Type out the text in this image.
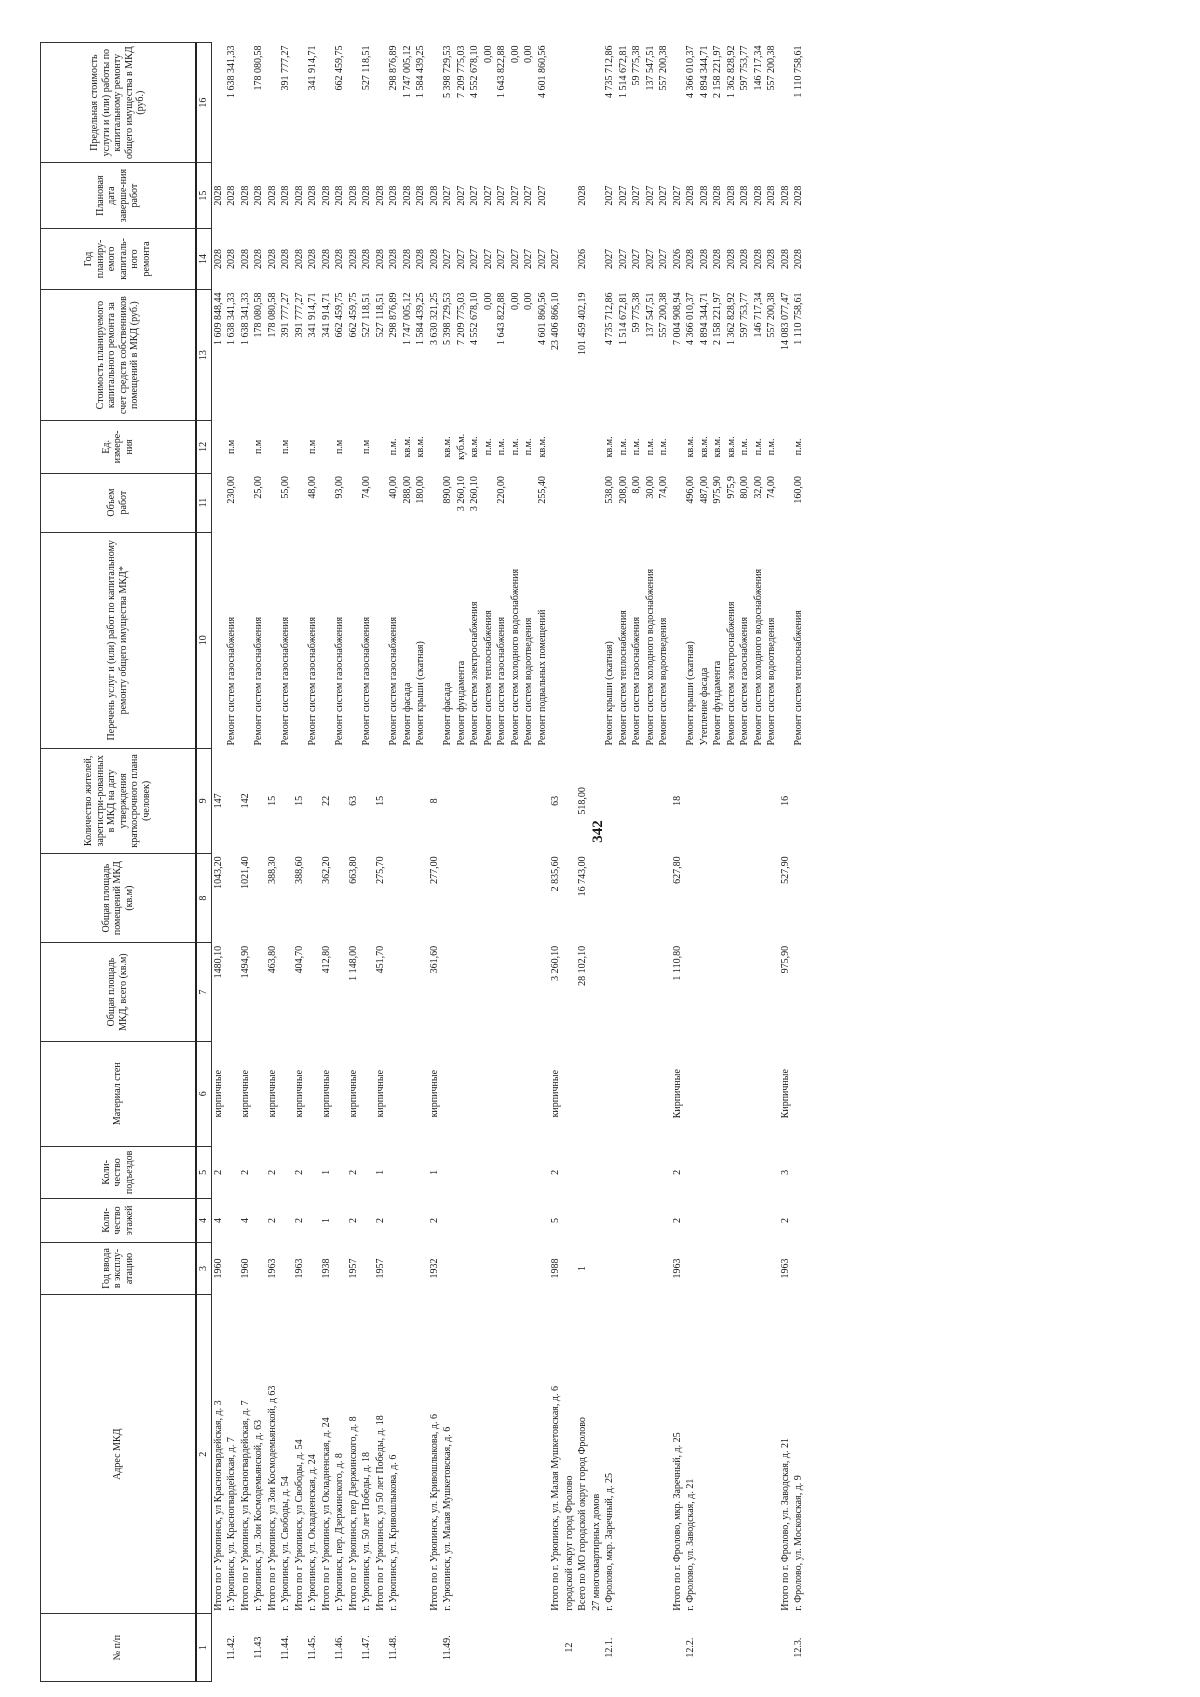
342
№ п/п	Адрес МКД	Год ввода в эксплу-атацию	Коли-чество этажей	Коли-чество подъездов	Материал стен	Общая площадь МКД, всего (кв.м)	Общая площадь помещений МКД (кв.м)	Количество жителей, зарегистри-рованных в МКД на дату утверждения краткосрочного плана (человек)	Перечень услуг и (или) работ по капитальному ремонту общего имущества МКД*	Объем работ	Ед. измере-ния	Стоимость планируемого капитального ремонта за счет средств собственников помещений в МКД (руб.)	Год планиру-емого капиталь-ного ремонта	Плановая дата заверше-ния работ	Предельная стоимость услуги и (или) работы по капитальному ремонту общего имущества в МКД (руб.)
1	2	3	4	5	6	7	8	9	10	11	12	13	14	15	16
	Итого по г Урюпинск, ул Красногвардейская, д. 3	1960	4	2	кирпичные	1480,10	1043,20	147				1 609 848,44	2028	2028	
11.42.	г. Урюпинск, ул. Красногвардейская, д. 7								Ремонт систем газоснабжения	230,00	п.м	1 638 341,33	2028	2028	1 638 341,33
	Итого по г Урюпинск, ул Красногвардейская, д. 7	1960	4	2	кирпичные	1494,90	1021,40	142				1 638 341,33	2028	2028	
11.43	г. Урюпинск, ул. Зои Космодемьянской, д. 63								Ремонт систем газоснабжения	25,00	п.м	178 080,58	2028	2028	178 080,58
	Итого по г Урюпинск, ул Зои Космодемьянской, д 63	1963	2	2	кирпичные	463,80	388,30	15				178 080,58	2028	2028	
11.44.	г. Урюпинск, ул. Свободы, д. 54								Ремонт систем газоснабжения	55,00	п.м	391 777,27	2028	2028	391 777,27
	Итого по г Урюпинск, ул Свободы, д. 54	1963	2	2	кирпичные	404,70	388,60	15				391 777,27	2028	2028	
11.45.	г. Урюпинск, ул. Окладненская, д. 24								Ремонт систем газоснабжения	48,00	п.м	341 914,71	2028	2028	341 914,71
	Итого по г Урюпинск, ул Окладненская, д. 24	1938	1	1	кирпичные	412,80	362,20	22				341 914,71	2028	2028	
11.46.	г. Урюпинск, пер. Дзержинского, д. 8								Ремонт систем газоснабжения	93,00	п.м	662 459,75	2028	2028	662 459,75
	Итого по г Урюпинск, пер Дзержинского, д. 8	1957	2	2	кирпичные	1 148,00	663,80	63				662 459,75	2028	2028	
11.47.	г. Урюпинск, ул. 50 лет Победы, д. 18								Ремонт систем газоснабжения	74,00	п.м	527 118,51	2028	2028	527 118,51
	Итого по г Урюпинск, ул 50 лет Победы, д. 18	1957	2	1	кирпичные	451,70	275,70	15				527 118,51	2028	2028	
11.48.	г. Урюпинск, ул. Кривошлыкова, д. 6								Ремонт систем газоснабжения	40,00	п.м.	298 876,89	2028	2028	298 876,89
									Ремонт фасада	288,00	кв.м.	1 747 005,12	2028	2028	1 747 005,12
									Ремонт крыши (скатная)	180,00	кв.м.	1 584 439,25	2028	2028	1 584 439,25
	Итого по г. Урюпинск, ул. Кривошлыкова, д. 6	1932	2	1	кирпичные	361,60	277,00	8				3 630 321,25	2028	2028	
11.49.	г. Урюпинск, ул. Малая Мушкетовская, д. 6								Ремонт фасада	890,00	кв.м.	5 398 729,53	2027	2027	5 398 729,53
									Ремонт фундамента	3 260,10	куб.м.	7 209 775,03	2027	2027	7 209 775,03
									Ремонт систем электроснабжения	3 260,10	кв.м.	4 552 678,10	2027	2027	4 552 678,10
									Ремонт систем теплоснабжения		п.м.	0,00	2027	2027	0,00
									Ремонт систем газоснабжения	220,00	п.м.	1 643 822,88	2027	2027	1 643 822,88
									Ремонт систем холодного водоснабжения		п.м.	0,00	2027	2027	0,00
									Ремонт систем водоотведения		п.м.	0,00	2027	2027	0,00
									Ремонт подвальных помещений	255,40	кв.м.	4 601 860,56	2027	2027	4 601 860,56
	Итого по г. Урюпинск, ул. Малая Мушкетовская, д. 6	1988	5	2	кирпичные	3 260,10	2 835,60	63				23 406 866,10	2027		
12	городской округ город Фролово														
	Всего по МО городской округ город Фролово	1				28 102,10	16 743,00	518,00				101 459 402,19	2026	2028	
	27 многоквартирных домов														
12.1.	г. Фролово, мкр. Заречный, д. 25								Ремонт крыши (скатная)	538,00	кв.м.	4 735 712,86	2027	2027	4 735 712,86
									Ремонт систем теплоснабжения	208,00	п.м.	1 514 672,81	2027	2027	1 514 672,81
									Ремонт систем газоснабжения	8,00	п.м.	59 775,38	2027	2027	59 775,38
									Ремонт систем холодного водоснабжения	30,00	п.м.	137 547,51	2027	2027	137 547,51
									Ремонт систем водоотведения	74,00	п.м.	557 200,38	2027	2027	557 200,38
	Итого по г. Фролово, мкр. Заречный, д. 25	1963	2	2	Кирпичные	1 110,80	627,80	18				7 004 908,94	2026	2027	
12.2.	г. Фролово, ул. Заводская, д. 21								Ремонт крыши (скатная)	496,00	кв.м.	4 366 010,37	2028	2028	4 366 010,37
									Утепление фасада	487,00	кв.м.	4 894 344,71	2028	2028	4 894 344,71
									Ремонт фундамента	975,90	кв.м.	2 158 221,97	2028	2028	2 158 221,97
									Ремонт систем электроснабжения	975,9	кв.м.	1 362 828,92	2028	2028	1 362 828,92
									Ремонт систем газоснабжения	80,00	п.м.	597 753,77	2028	2028	597 753,77
									Ремонт систем холодного водоснабжения	32,00	п.м.	146 717,34	2028	2028	146 717,34
									Ремонт систем водоотведения	74,00	п.м.	557 200,38	2028	2028	557 200,38
	Итого по г. Фролово, ул. Заводская, д. 21	1963	2	3	Кирпичные	975,90	527,90	16				14 083 077,47	2028	2028	
12.3.	г. Фролово, ул. Московская, д. 9								Ремонт систем теплоснабжения	160,00	п.м.	1 110 758,61	2028	2028	1 110 758,61
